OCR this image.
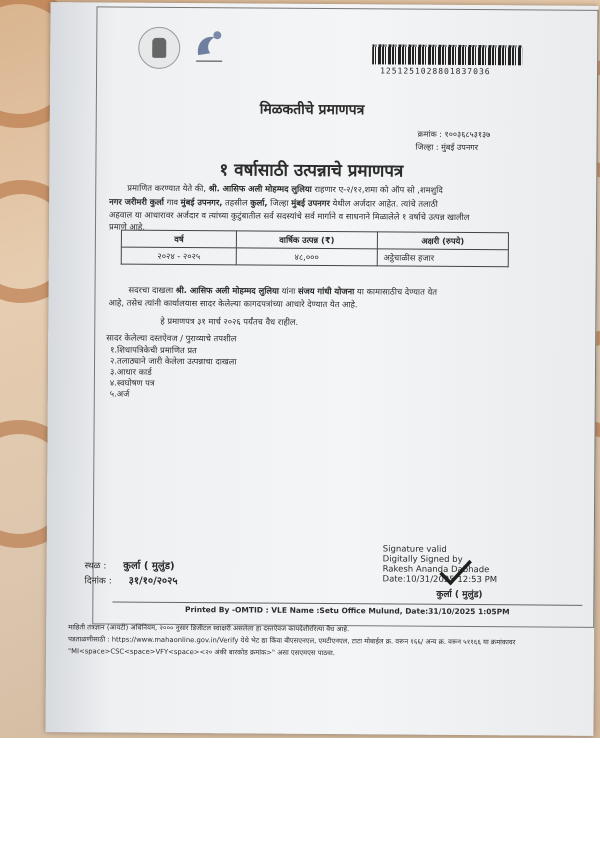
1251251028801837036
मिळकतीचे प्रमाणपत्र
क्रमांक : १००३६८५३१३७
जिल्हा : मुंबई उपनगर
१ वर्षासाठी उत्पन्नाचे प्रमाणपत्र
प्रमाणित करण्यात येते की, श्री. आसिफ अली मोहम्मद लुलिया राहणार ए-२/१२,शमा को ऑप सो ,शमशुदि
नगर जरीमरी कुर्ला गाव मुंबई उपनगर, तहसील कुर्ला, जिल्हा मुंबई उपनगर येथील अर्जदार आहेत. त्यांचे तलाठी
अहवाल या आधारावर अर्जदार व त्यांच्या कुटुंबातील सर्व सदस्यांचे सर्व मार्गाने व साधनाने मिळालेले १ वर्षाचे उत्पन्न खालील
प्रमाणे आहे.
वर्ष	वार्षिक उत्पन्न (₹)	अक्षरी (रुपये)
२०२४ - २०२५	४८,०००	अट्ठेचाळीस हजार
सदरचा दाखला श्री. आसिफ अली मोहम्मद लुलिया यांना संजय गांधी योजना या कामासाठीच देण्यात येत
आहे, तसेच त्यांनी कार्यालयास सादर केलेल्या कागदपत्रांच्या आधारे देण्यात येत आहे.
हे प्रमाणपत्र ३१ मार्च २०२६ पर्यंतच वैध राहील.
सादर केलेल्या दस्तऐवज / पुराव्याचे तपशील
१.शिधापत्रिकेची प्रमाणित प्रत
२.तलाठ्याने जारी केलेला उत्पन्नाचा दाखला
३.आधार कार्ड
४.स्वघोषण पत्र
५.अर्ज
स्थळ : कुर्ला ( मुलुंड)
दिनांक : ३१/१०/२०२५
Signature valid
Digitally Signed by
Rakesh Ananda Dabhade
Date:10/31/2025 12:53 PM
कुर्ला ( मुलुंड)
Printed By -OMTID : VLE Name :Setu Office Mulund, Date:31/10/2025 1:05PM
माहिती तंत्रज्ञान (आयटी) अधिनियम, २००० नुसार डिजीटल स्वाक्षरी असलेला हा दस्तऐवज कायदेशीररित्या वैध आहे.
पडताळणीसाठी : https://www.mahaonline.gov.in/Verify येथे भेट द्या किंवा बीएसएनएल, एमटीएनएल, टाटा मोबाईल क्र. वरून १६६/ अन्य क्र. वरून ५११६६ या क्रमांकावर
"MI<space>CSC<space>VFY<space><२० अंकी बारकोड क्रमांक>" असा एसएमएस पाठवा.
